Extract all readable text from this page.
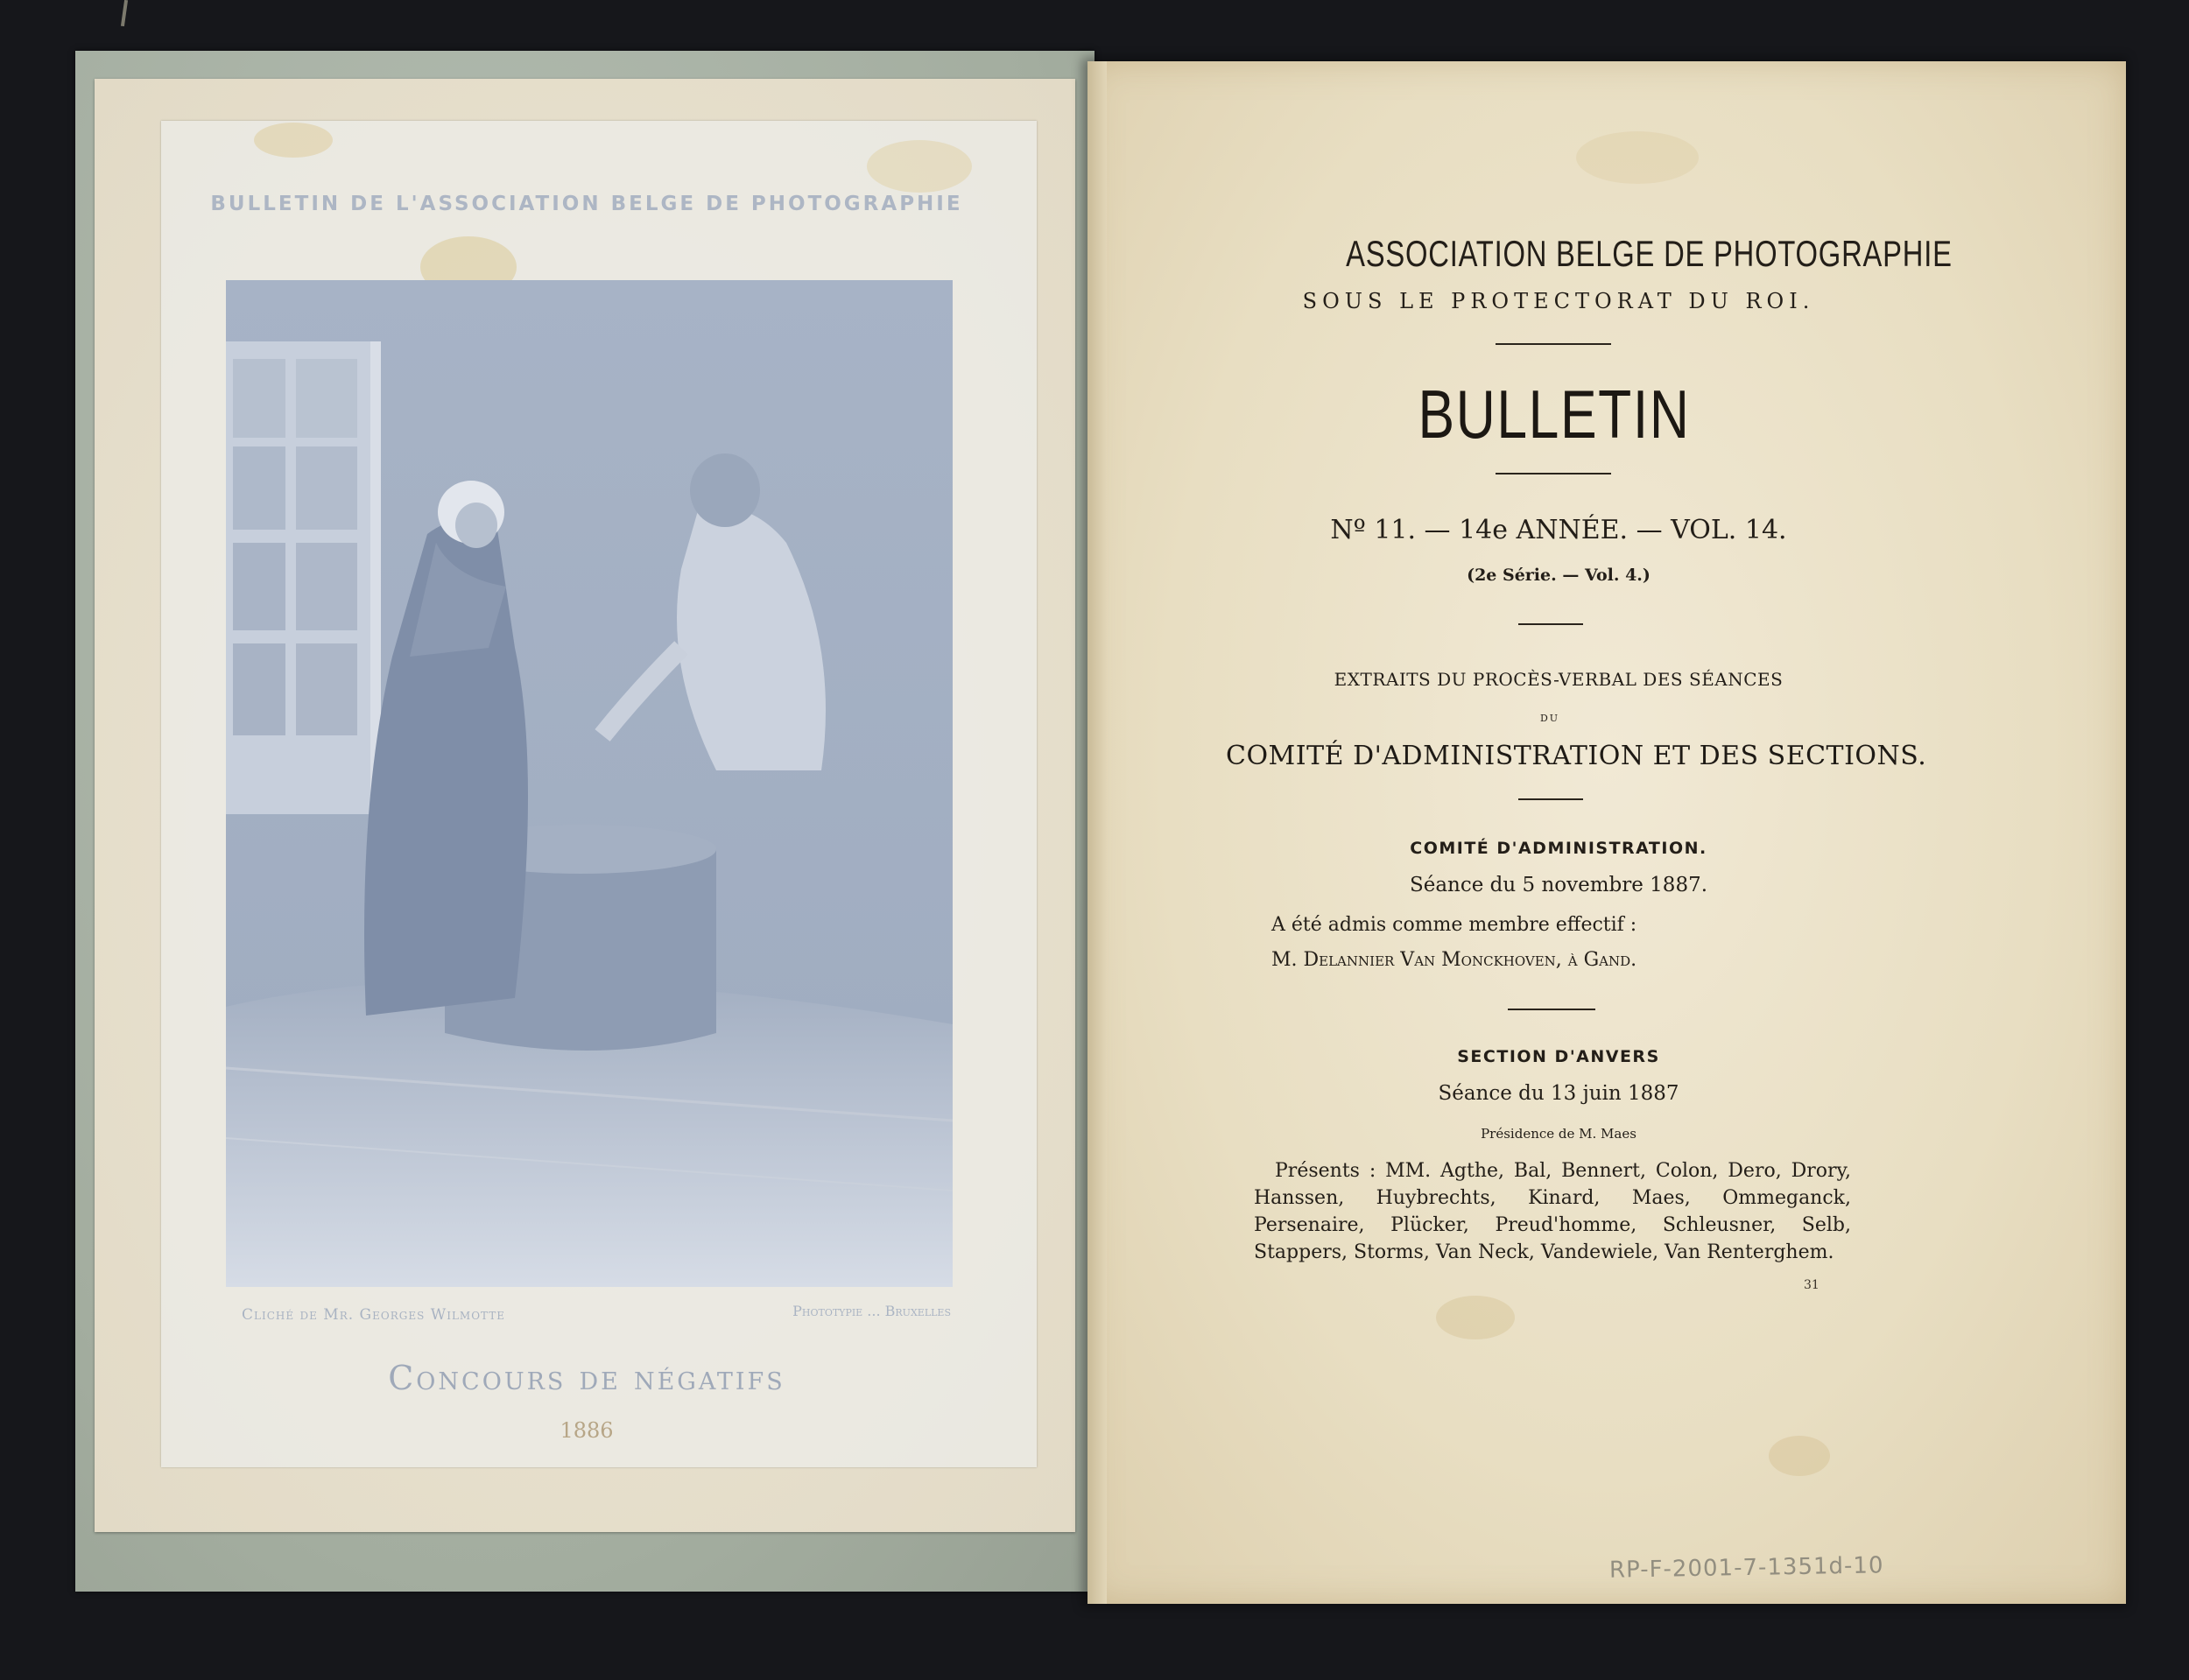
BULLETIN DE L'ASSOCIATION BELGE DE PHOTOGRAPHIE
Cliché de Mr. Georges Wilmotte	Phototypie ... Bruxelles
Concours de négatifs
1886
ASSOCIATION BELGE DE PHOTOGRAPHIE
SOUS LE PROTECTORAT DU ROI.
BULLETIN
Nº 11. — 14e ANNÉE. — VOL. 14.
(2e Série. — Vol. 4.)
EXTRAITS DU PROCÈS-VERBAL DES SÉANCES
DU
COMITÉ D'ADMINISTRATION ET DES SECTIONS.
COMITÉ D'ADMINISTRATION.
Séance du 5 novembre 1887.
A été admis comme membre effectif :
M. Delannier Van Monckhoven, à Gand.
SECTION D'ANVERS
Séance du 13 juin 1887
Présidence de M. Maes
Présents : MM. Agthe, Bal, Bennert, Colon, Dero, Drory, Hanssen, Huybrechts, Kinard, Maes, Ommeganck, Persenaire, Plücker, Preud'homme, Schleusner, Selb, Stappers, Storms, Van Neck, Vandewiele, Van Renterghem.
31
RP-F-2001-7-1351d-10
